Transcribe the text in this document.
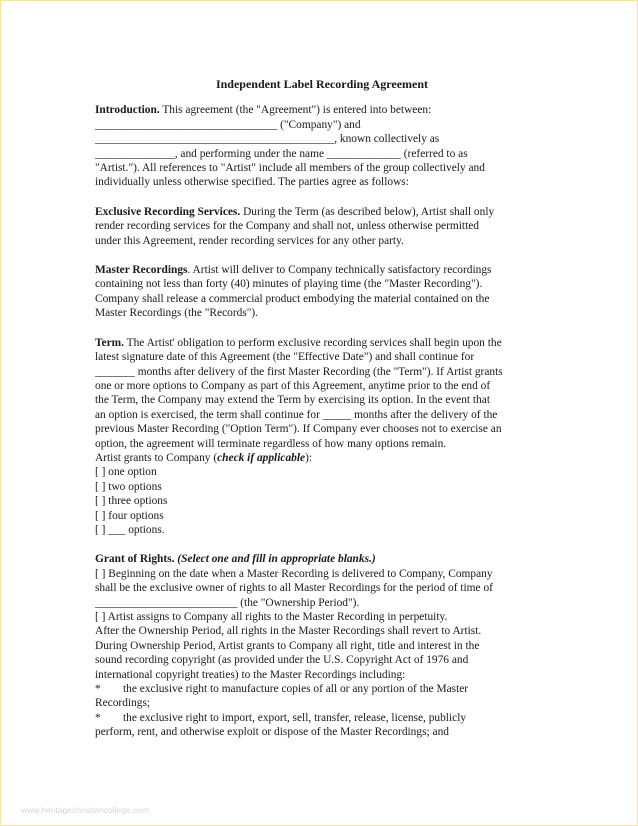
Independent Label Recording Agreement
Introduction. This agreement (the "Agreement") is entered into between:
________________________________ ("Company") and
__________________________________________, known collectively as
______________, and performing under the name _____________ (referred to as
"Artist."). All references to "Artist" include all members of the group collectively and
individually unless otherwise specified. The parties agree as follows:
Exclusive Recording Services. During the Term (as described below), Artist shall only
render recording services for the Company and shall not, unless otherwise permitted
under this Agreement, render recording services for any other party.
Master Recordings. Artist will deliver to Company technically satisfactory recordings
containing not less than forty (40) minutes of playing time (the "Master Recording").
Company shall release a commercial product embodying the material contained on the
Master Recordings (the "Records").
Term. The Artist' obligation to perform exclusive recording services shall begin upon the
latest signature date of this Agreement (the "Effective Date") and shall continue for
_______ months after delivery of the first Master Recording (the "Term"). If Artist grants
one or more options to Company as part of this Agreement, anytime prior to the end of
the Term, the Company may extend the Term by exercising its option. In the event that
an option is exercised, the term shall continue for _____ months after the delivery of the
previous Master Recording ("Option Term"). If Company ever chooses not to exercise an
option, the agreement will terminate regardless of how many options remain.
Artist grants to Company (check if applicable):
[ ] one option
[ ] two options
[ ] three options
[ ] four options
[ ] ___ options.
Grant of Rights. (Select one and fill in appropriate blanks.)
[ ] Beginning on the date when a Master Recording is delivered to Company, Company
shall be the exclusive owner of rights to all Master Recordings for the period of time of
_________________________ (the "Ownership Period").
[ ] Artist assigns to Company all rights to the Master Recording in perpetuity.
After the Ownership Period, all rights in the Master Recordings shall revert to Artist.
During Ownership Period, Artist grants to Company all right, title and interest in the
sound recording copyright (as provided under the U.S. Copyright Act of 1976 and
international copyright treaties) to the Master Recordings including:
* the exclusive right to manufacture copies of all or any portion of the Master
Recordings;
* the exclusive right to import, export, sell, transfer, release, license, publicly
perform, rent, and otherwise exploit or dispose of the Master Recordings; and
www.heritagechristiancollege.com
